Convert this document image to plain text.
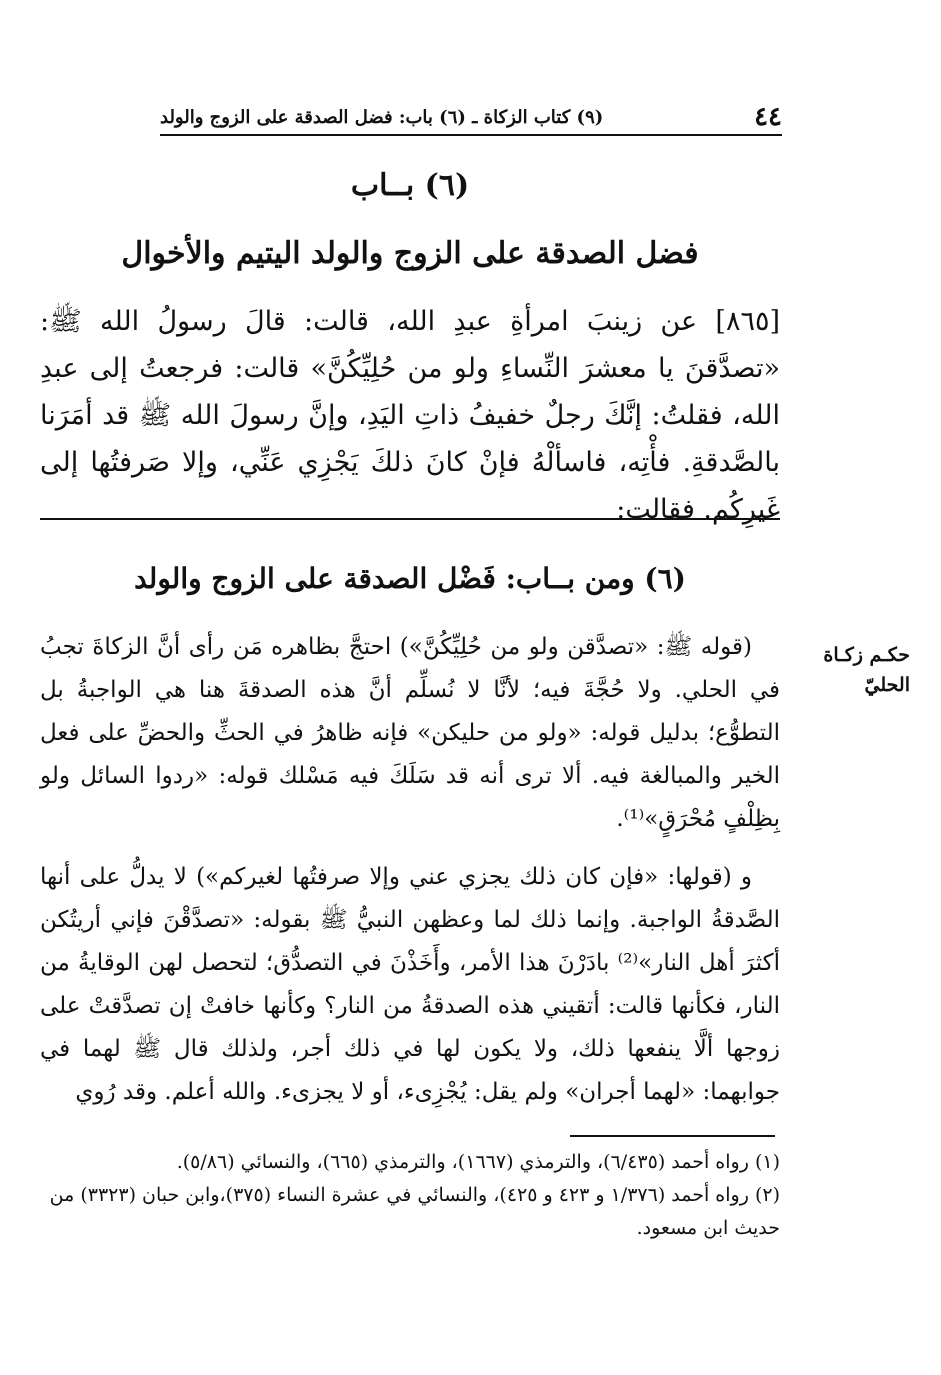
٤٤
(٩) كتاب الزكاة ـ (٦) باب: فضل الصدقة على الزوج والولد
(٦) بــاب
فضل الصدقة على الزوج والولد اليتيم والأخوال

[٨٦٥] عن زينبَ امرأةِ عبدِ الله، قالت: قالَ رسولُ الله ﷺ: «تصدَّقنَ يا معشرَ النِّساءِ ولو من حُلِيِّكُنَّ» قالت: فرجعتُ إلى عبدِ الله، فقلتُ: إنَّكَ رجلٌ خفيفُ ذاتِ اليَدِ، وإنَّ رسولَ الله ﷺ قد أمَرَنا بالصَّدقةِ. فأْتِه، فاسألْهُ فإنْ كانَ ذلكَ يَجْزِي عَنِّي، وإلا صَرفتُها إلى غَيرِكُم. فقالت:

(٦) ومن بــاب: فَضْل الصدقة على الزوج والولد
حكـم زكـاة الحليّ

(قوله ﷺ: «تصدَّقن ولو من حُلِيِّكُنَّ») احتجَّ بظاهره مَن رأى أنَّ الزكاةَ تجبُ في الحلي. ولا حُجَّةَ فيه؛ لأنَّا لا نُسلِّم أنَّ هذه الصدقةَ هنا هي الواجبةُ بل التطوُّع؛ بدليل قوله: «ولو من حليكن» فإنه ظاهرُ في الحثِّ والحضِّ على فعل الخير والمبالغة فيه. ألا ترى أنه قد سَلَكَ فيه مَسْلك قوله: «ردوا السائل ولو بِظِلْفٍ مُحْرَقٍ»⁽¹⁾.

و (قولها: «فإن كان ذلك يجزي عني وإلا صرفتُها لغيركم») لا يدلُّ على أنها الصَّدقةُ الواجبة. وإنما ذلك لما وعظهن النبيُّ ﷺ بقوله: «تصدَّقْنَ فإني أريتُكن أكثرَ أهل النار»⁽²⁾ بادَرْنَ هذا الأمر، وأَخَذْنَ في التصدُّق؛ لتحصل لهن الوقايةُ من النار، فكأنها قالت: أتقيني هذه الصدقةُ من النار؟ وكأنها خافتْ إن تصدَّقتْ على زوجها ألَّا ينفعها ذلك، ولا يكون لها في ذلك أجر، ولذلك قال ﷺ لهما في جوابهما: «لهما أجران» ولم يقل: يُجْزِىء، أو لا يجزىء. والله أعلم. وقد رُوي

(١) رواه أحمد (٦/٤٣٥)، والترمذي (١٦٦٧)، والترمذي (٦٦٥)، والنسائي (٥/٨٦).

(٢) رواه أحمد (١/٣٧٦ و ٤٢٣ و ٤٢٥)، والنسائي في عشرة النساء (٣٧٥)،وابن حبان (٣٣٢٣) من حديث ابن مسعود.
